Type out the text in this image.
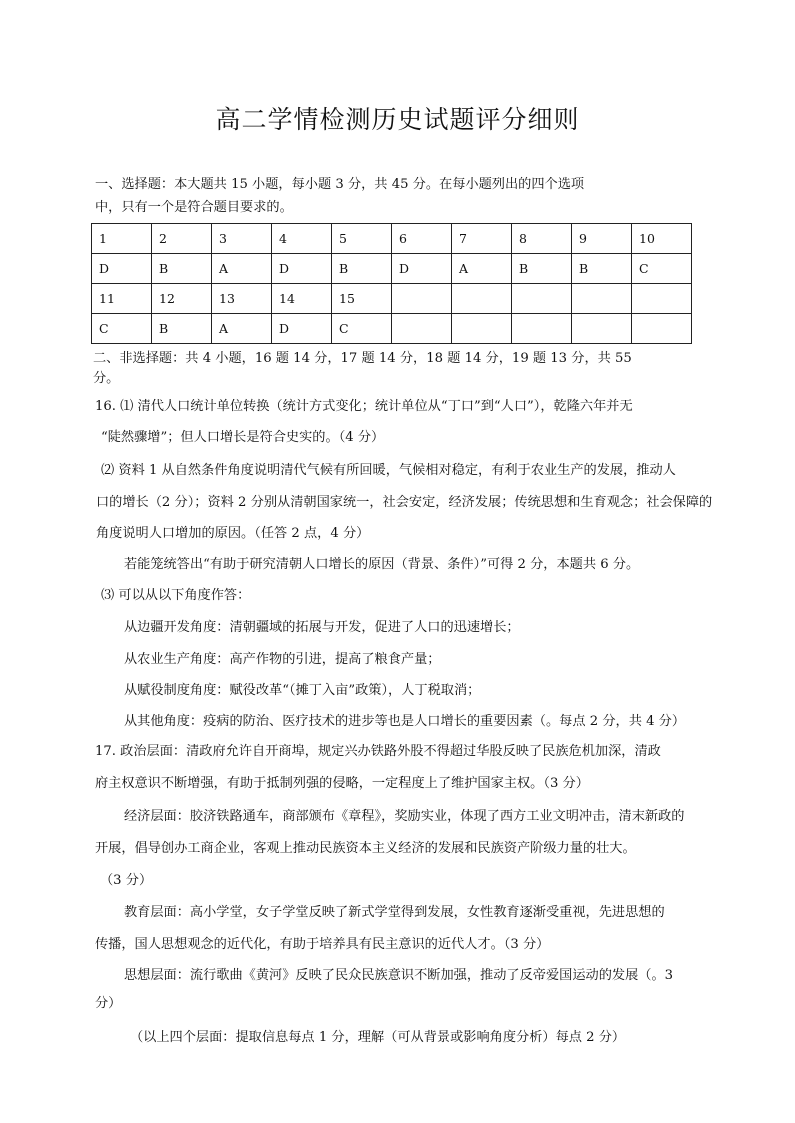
高二学情检测历史试题评分细则
一、选择题：本大题共 15 小题，每小题 3 分，共 45 分。在每小题列出的四个选项
中，只有一个是符合题目要求的。
1	2	3	4	5	6	7	8	9	10
D	B	A	D	B	D	A	B	B	C
11	12	13	14	15					
C	B	A	D	C					
二、非选择题：共 4 小题，16 题 14 分，17 题 14 分，18 题 14 分，19 题 13 分，共 55
分。
16. ⑴ 清代人口统计单位转换（统计方式变化；统计单位从“丁口”到“人口”），乾隆六年并无
“陡然骤增”；但人口增长是符合史实的。（4 分）
⑵ 资料 1 从自然条件角度说明清代气候有所回暖，气候相对稳定，有利于农业生产的发展，推动人
口的增长（2 分）；资料 2 分别从清朝国家统一，社会安定，经济发展；传统思想和生育观念；社会保障的
角度说明人口增加的原因。（任答 2 点，4 分）
若能笼统答出“有助于研究清朝人口增长的原因（背景、条件）”可得 2 分，本题共 6 分。
⑶ 可以从以下角度作答：
从边疆开发角度：清朝疆域的拓展与开发，促进了人口的迅速增长；
从农业生产角度：高产作物的引进，提高了粮食产量；
从赋役制度角度：赋役改革“（摊丁入亩”政策），人丁税取消；
从其他角度：疫病的防治、医疗技术的进步等也是人口增长的重要因素（。每点 2 分，共 4 分）
17. 政治层面：清政府允许自开商埠，规定兴办铁路外股不得超过华股反映了民族危机加深，清政
府主权意识不断增强，有助于抵制列强的侵略，一定程度上了维护国家主权。（3 分）
经济层面：胶济铁路通车，商部颁布《章程》，奖励实业，体现了西方工业文明冲击，清末新政的
开展，倡导创办工商企业，客观上推动民族资本主义经济的发展和民族资产阶级力量的壮大。
（3 分）
教育层面：高小学堂，女子学堂反映了新式学堂得到发展，女性教育逐渐受重视，先进思想的
传播，国人思想观念的近代化，有助于培养具有民主意识的近代人才。（3 分）
思想层面：流行歌曲《黄河》反映了民众民族意识不断加强，推动了反帝爱国运动的发展（。3
分）
（以上四个层面：提取信息每点 1 分，理解（可从背景或影响角度分析）每点 2 分）
